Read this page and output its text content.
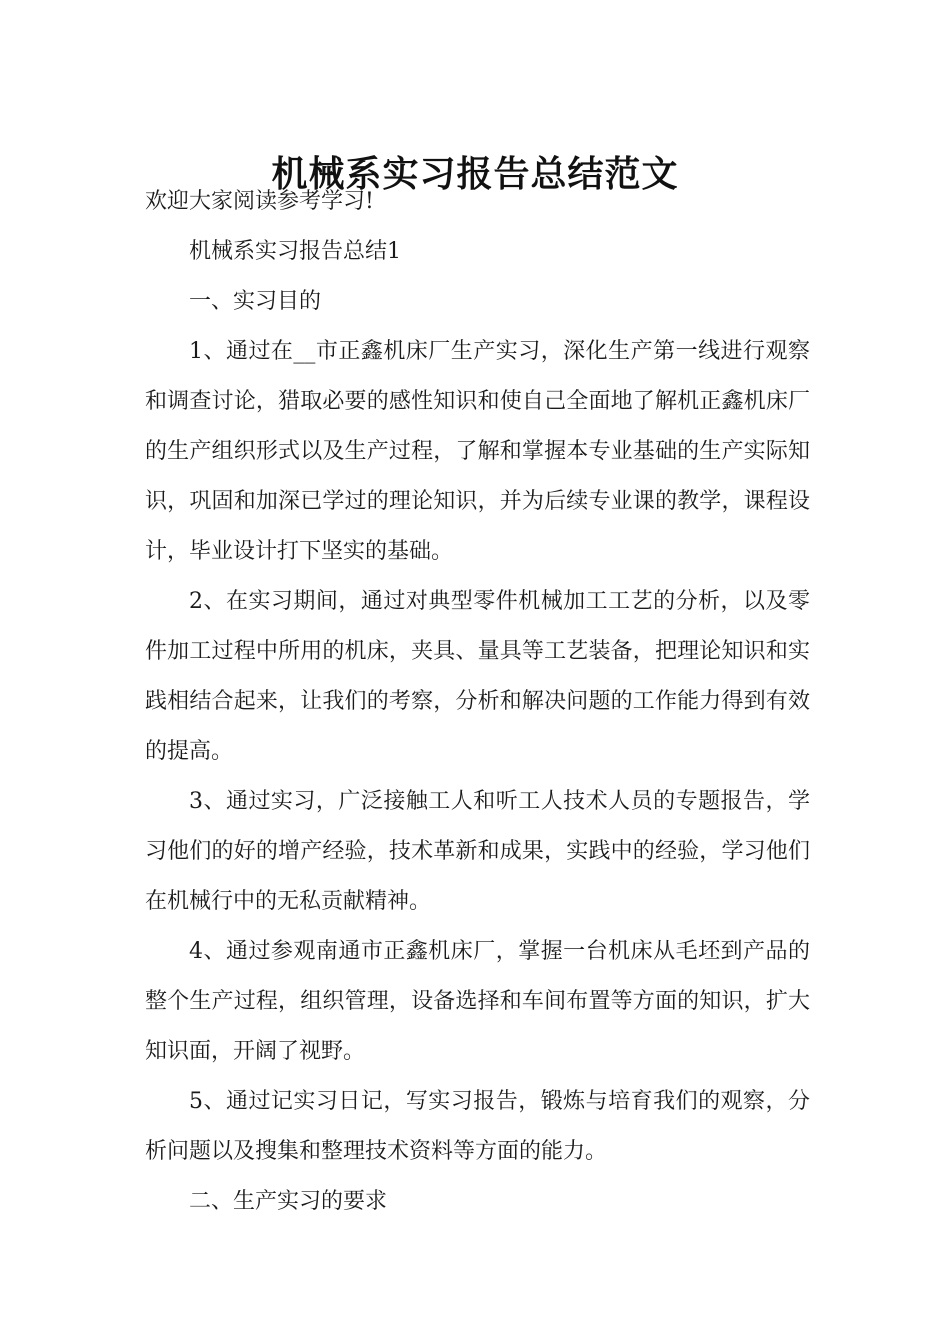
机械系实习报告总结范文

欢迎大家阅读参考学习!

机械系实习报告总结1

一、实习目的

1、通过在__市正鑫机床厂生产实习，深化生产第一线进行观察和调查讨论，猎取必要的感性知识和使自己全面地了解机正鑫机床厂的生产组织形式以及生产过程，了解和掌握本专业基础的生产实际知识，巩固和加深已学过的理论知识，并为后续专业课的教学，课程设计，毕业设计打下坚实的基础。

2、在实习期间，通过对典型零件机械加工工艺的分析，以及零件加工过程中所用的机床，夹具、量具等工艺装备，把理论知识和实践相结合起来，让我们的考察，分析和解决问题的工作能力得到有效的提高。

3、通过实习，广泛接触工人和听工人技术人员的专题报告，学习他们的好的增产经验，技术革新和成果，实践中的经验，学习他们在机械行中的无私贡献精神。

4、通过参观南通市正鑫机床厂，掌握一台机床从毛坯到产品的整个生产过程，组织管理，设备选择和车间布置等方面的知识，扩大知识面，开阔了视野。

5、通过记实习日记，写实习报告，锻炼与培育我们的观察，分析问题以及搜集和整理技术资料等方面的能力。

二、生产实习的要求
